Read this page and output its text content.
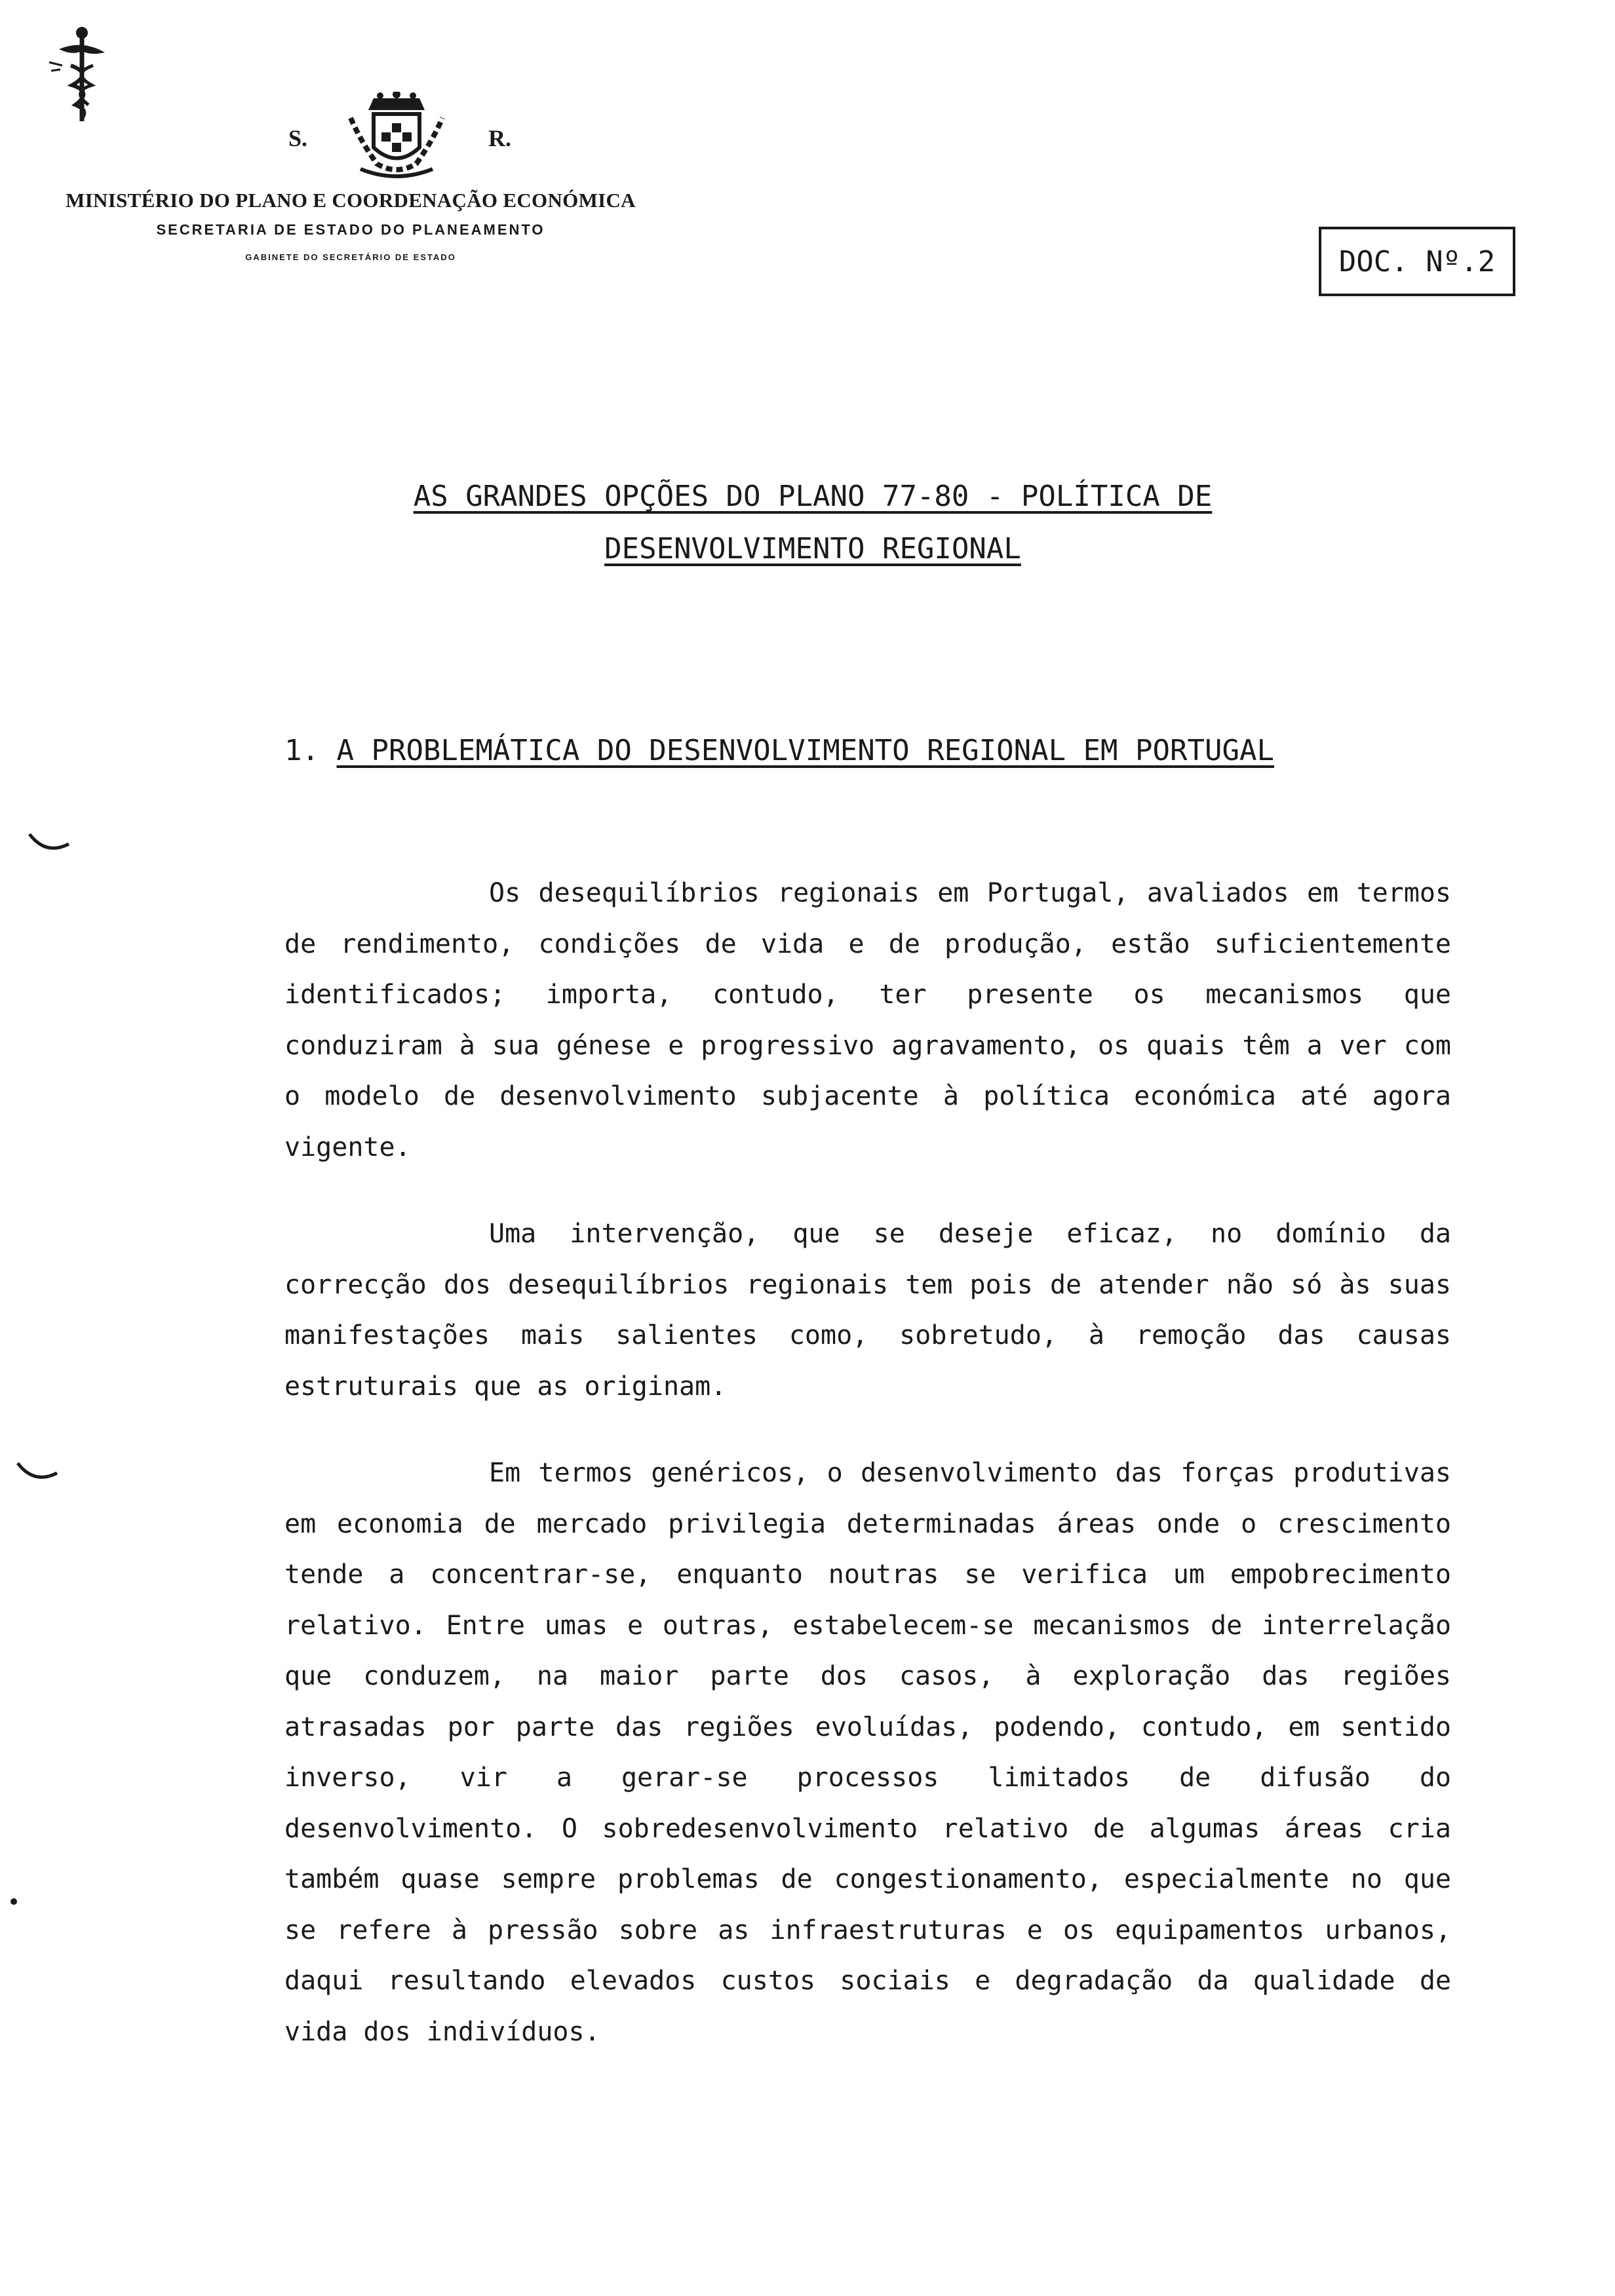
S.	R.
MINISTÉRIO DO PLANO E COORDENAÇÃO ECONÓMICA
SECRETARIA DE ESTADO DO PLANEAMENTO
GABINETE DO SECRETÁRIO DE ESTADO	DOC. Nº.2
AS GRANDES OPÇÕES DO PLANO 77-80 - POLÍTICA DE
DESENVOLVIMENTO REGIONAL
1. A PROBLEMÁTICA DO DESENVOLVIMENTO REGIONAL EM PORTUGAL
Os desequilíbrios regionais em Portugal, avaliados em termos de rendimento, condições de vida e de produção, estão suficientemente identificados; importa, contudo, ter presente os mecanismos que conduziram à sua génese e progressivo agravamento, os quais têm a ver com o modelo de desenvolvimento subjacente à política económica até agora vigente.
Uma intervenção, que se deseje eficaz, no domínio da correcção dos desequilíbrios regionais tem pois de atender não só às suas manifestações mais salientes como, sobretudo, à remoção das causas estruturais que as originam.
Em termos genéricos, o desenvolvimento das forças produtivas em economia de mercado privilegia determinadas áreas onde o crescimento tende a concentrar-se, enquanto noutras se verifica um empobrecimento relativo. Entre umas e outras, estabelecem-se mecanismos de interrelação que conduzem, na maior parte dos casos, à exploração das regiões atrasadas por parte das regiões evoluídas, podendo, contudo, em sentido inverso, vir a gerar-se processos limitados de difusão do desenvolvimento. O sobredesenvolvimento relativo de algumas áreas cria também quase sempre problemas de congestionamento, especialmente no que se refere à pressão sobre as infraestruturas e os equipamentos urbanos, daqui resultando elevados custos sociais e degradação da qualidade de vida dos indivíduos.
